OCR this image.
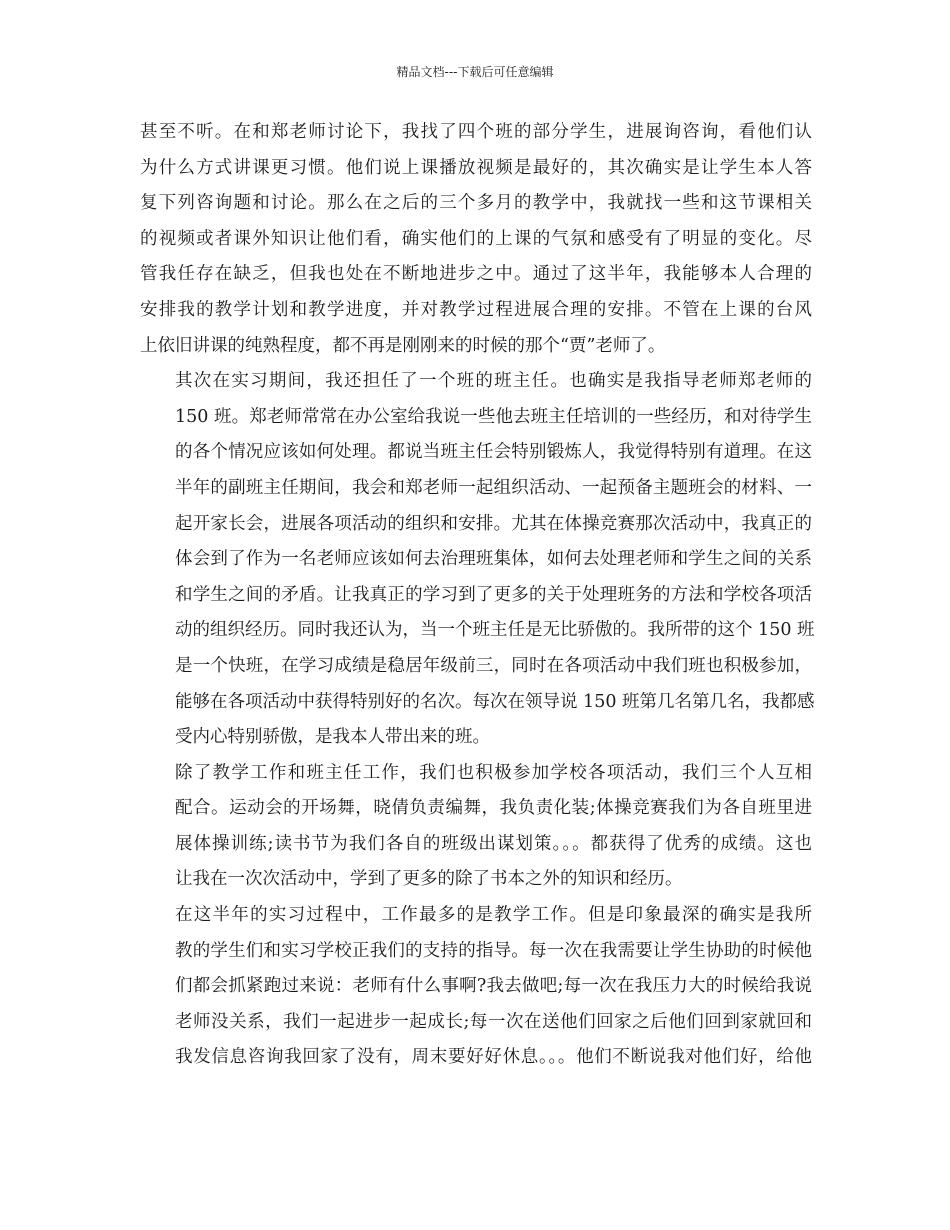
精品文档---下载后可任意编辑
甚至不听。在和郑老师讨论下，我找了四个班的部分学生，进展询咨询，看他们认
为什么方式讲课更习惯。他们说上课播放视频是最好的，其次确实是让学生本人答
复下列咨询题和讨论。那么在之后的三个多月的教学中，我就找一些和这节课相关
的视频或者课外知识让他们看，确实他们的上课的气氛和感受有了明显的变化。尽
管我任存在缺乏，但我也处在不断地进步之中。通过了这半年，我能够本人合理的
安排我的教学计划和教学进度，并对教学过程进展合理的安排。不管在上课的台风
上依旧讲课的纯熟程度，都不再是刚刚来的时候的那个“贾”老师了。
其次在实习期间，我还担任了一个班的班主任。也确实是我指导老师郑老师的
150 班。郑老师常常在办公室给我说一些他去班主任培训的一些经历，和对待学生
的各个情况应该如何处理。都说当班主任会特别锻炼人，我觉得特别有道理。在这
半年的副班主任期间，我会和郑老师一起组织活动、一起预备主题班会的材料、一
起开家长会，进展各项活动的组织和安排。尤其在体操竞赛那次活动中，我真正的
体会到了作为一名老师应该如何去治理班集体，如何去处理老师和学生之间的关系
和学生之间的矛盾。让我真正的学习到了更多的关于处理班务的方法和学校各项活
动的组织经历。同时我还认为，当一个班主任是无比骄傲的。我所带的这个 150 班
是一个快班，在学习成绩是稳居年级前三，同时在各项活动中我们班也积极参加，
能够在各项活动中获得特别好的名次。每次在领导说 150 班第几名第几名，我都感
受内心特别骄傲，是我本人带出来的班。
除了教学工作和班主任工作，我们也积极参加学校各项活动，我们三个人互相
配合。运动会的开场舞，晓倩负责编舞，我负责化装;体操竞赛我们为各自班里进
展体操训练;读书节为我们各自的班级出谋划策。。。都获得了优秀的成绩。这也
让我在一次次活动中，学到了更多的除了书本之外的知识和经历。
在这半年的实习过程中，工作最多的是教学工作。但是印象最深的确实是我所
教的学生们和实习学校正我们的支持的指导。每一次在我需要让学生协助的时候他
们都会抓紧跑过来说：老师有什么事啊?我去做吧;每一次在我压力大的时候给我说
老师没关系，我们一起进步一起成长;每一次在送他们回家之后他们回到家就回和
我发信息咨询我回家了没有，周末要好好休息。。。他们不断说我对他们好，给他
